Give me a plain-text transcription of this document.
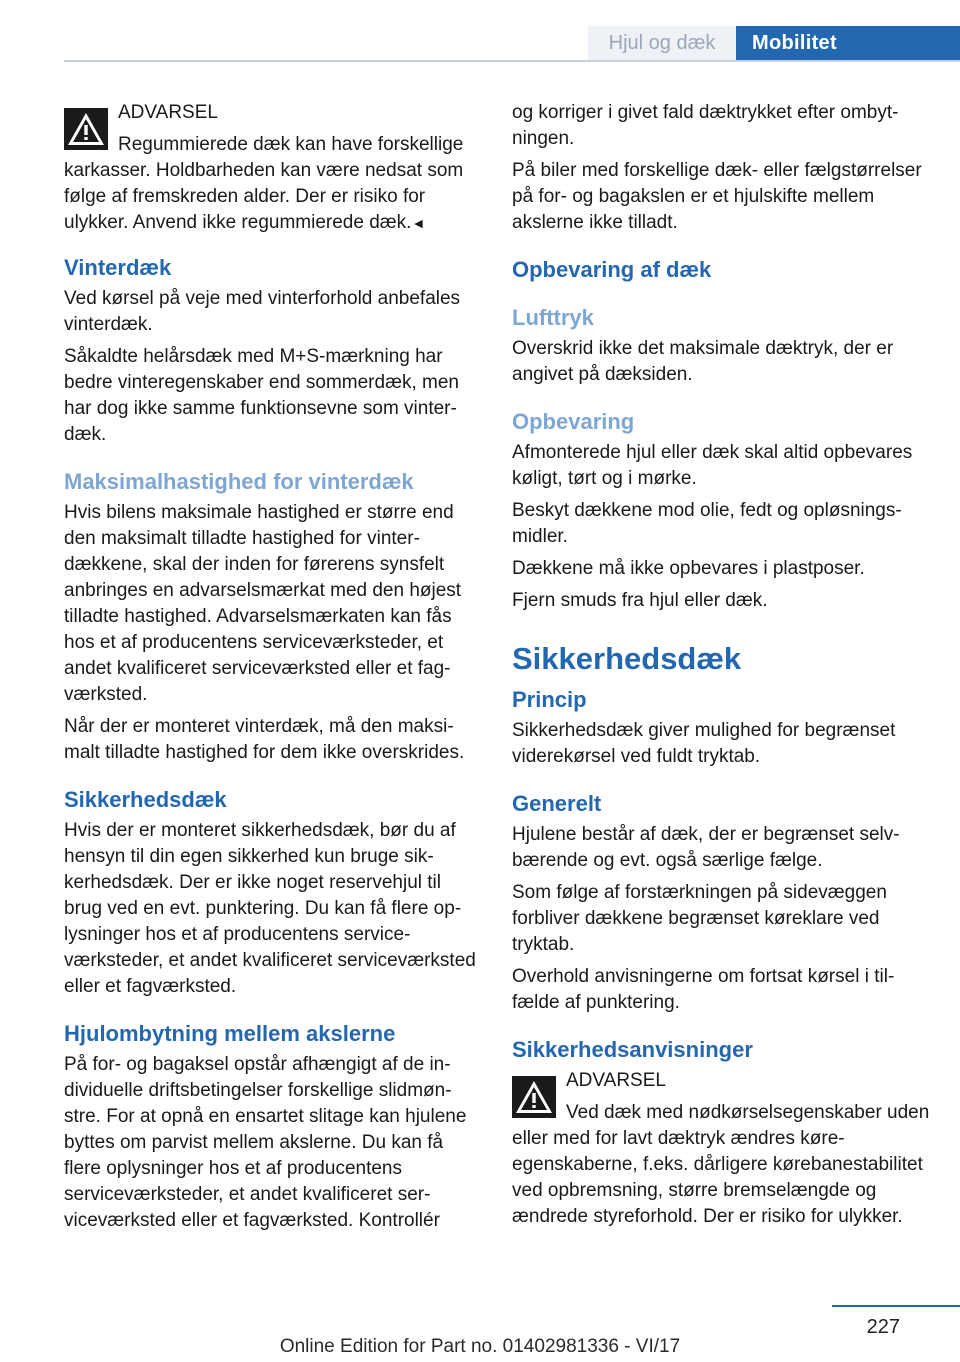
Hjul og dæk	Mobilitet
ADVARSEL
Regummierede dæk kan have forskellige karkasser. Holdbarheden kan være nedsat som følge af fremskreden alder. Der er risiko for ulykker. Anvend ikke regummierede dæk.◄
Vinterdæk

Ved kørsel på veje med vinterforhold anbefales vinterdæk.

Såkaldte helårsdæk med M+S-mærkning har bedre vinteregenskaber end sommerdæk, men har dog ikke samme funktionsevne som vinterdæk.

Maksimalhastighed for vinterdæk

Hvis bilens maksimale hastighed er større end den maksimalt tilladte hastighed for vinterdækkene, skal der inden for førerens synsfelt anbringes en advarselsmærkat med den højest tilladte hastighed. Advarselsmærkaten kan fås hos et af producentens serviceværksteder, et andet kvalificeret serviceværksted eller et fagværksted.

Når der er monteret vinterdæk, må den maksimalt tilladte hastighed for dem ikke overskrides.

Sikkerhedsdæk

Hvis der er monteret sikkerhedsdæk, bør du af hensyn til din egen sikkerhed kun bruge sikkerhedsdæk. Der er ikke noget reservehjul til brug ved en evt. punktering. Du kan få flere oplysninger hos et af producentens serviceværksteder, et andet kvalificeret serviceværksted eller et fagværksted.

Hjulombytning mellem akslerne

På for- og bagaksel opstår afhængigt af de individuelle driftsbetingelser forskellige slidmønstre. For at opnå en ensartet slitage kan hjulene byttes om parvist mellem akslerne. Du kan få flere oplysninger hos et af producentens serviceværksteder, et andet kvalificeret serviceværksted eller et fagværksted. Kontrollér

og korriger i givet fald dæktrykket efter ombytningen.

På biler med forskellige dæk- eller fælgstørrelser på for- og bagakslen er et hjulskifte mellem akslerne ikke tilladt.

Opbevaring af dæk
Lufttryk

Overskrid ikke det maksimale dæktryk, der er angivet på dæksiden.

Opbevaring

Afmonterede hjul eller dæk skal altid opbevares køligt, tørt og i mørke.

Beskyt dækkene mod olie, fedt og opløsningsmidler.

Dækkene må ikke opbevares i plastposer.

Fjern smuds fra hjul eller dæk.

Sikkerhedsdæk
Princip

Sikkerhedsdæk giver mulighed for begrænset viderekørsel ved fuldt tryktab.

Generelt

Hjulene består af dæk, der er begrænset selvbærende og evt. også særlige fælge.

Som følge af forstærkningen på sidevæggen forbliver dækkene begrænset køreklare ved tryktab.

Overhold anvisningerne om fortsat kørsel i tilfælde af punktering.

Sikkerhedsanvisninger
ADVARSEL
Ved dæk med nødkørselsegenskaber uden eller med for lavt dæktryk ændres køreegenskaberne, f.eks. dårligere kørebanestabilitet ved opbremsning, større bremselængde og ændrede styreforhold. Der er risiko for ulykker.
227
Online Edition for Part no. 01402981336 - VI/17
